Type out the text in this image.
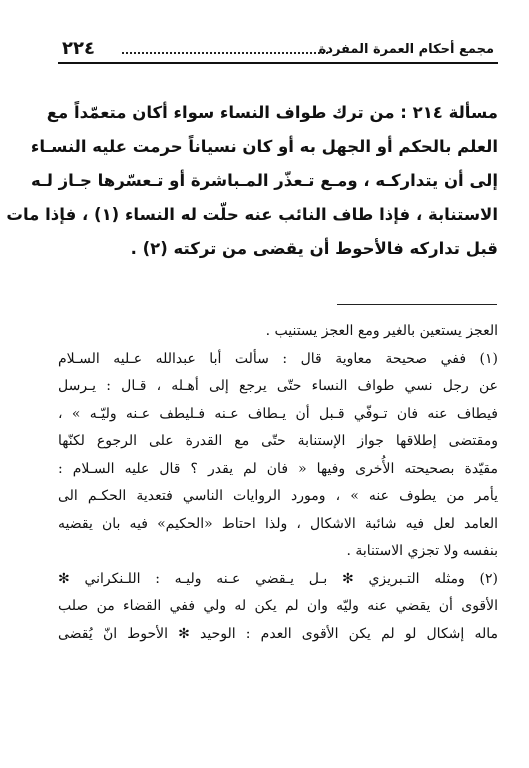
٢٢٤	مجمع أحكام العمرة المفردة
مسألة ٢١٤ : من ترك طواف النساء سواء أكان متعمّداً مع
العلم بالحكم أو الجهل به أو كان نسياناً حرمت عليه النسـاء
إلى أن يتداركـه ، ومـع تـعذّر المـباشرة أو تـعسّرها جـاز لـه
الاستنابة ، فإذا طاف النائب عنه حلّت له النساء (١) ، فإذا مات
قبل تداركه فالأحوط أن يقضى من تركته (٢) .
العجز يستعين بالغير ومع العجز يستنيب .
(١) ففي صحيحة معاوية قال : سألت أبا عبدالله عـليه السـلام
عن رجل نسي طواف النساء حتّى يرجع إلى أهـله ، قـال : يـرسل
فيطاف عنه فان تـوفّي قـبل أن يـطاف عـنه فـليطف عـنه وليّـه » ،
ومقتضى إطلاقها جواز الإستنابة حتّى مع القدرة على الرجوع لكنّها
مقيّدة بصحيحته الأُخرى وفيها « فان لم يقدر ؟ قال عليه السـلام :
يأمر من يطوف عنه » ، ومورد الروايات الناسي فتعدية الحكـم الى
العامد لعل فيه شائبة الاشكال ، ولذا احتاط «الحكيم» فيه بان يقضيه
بنفسه ولا تجزي الاستنابة .
(٢) ومثله التـبريزي ✻ بـل يـقضي عـنه وليـه : اللـنكراني ✻
الأقوى أن يقضي عنه وليّه وان لم يكن له ولي ففي القضاء من صلب
ماله إشكال لو لم يكن الأقوى العدم : الوحيد ✻ الأحوط انّ يُقضى
